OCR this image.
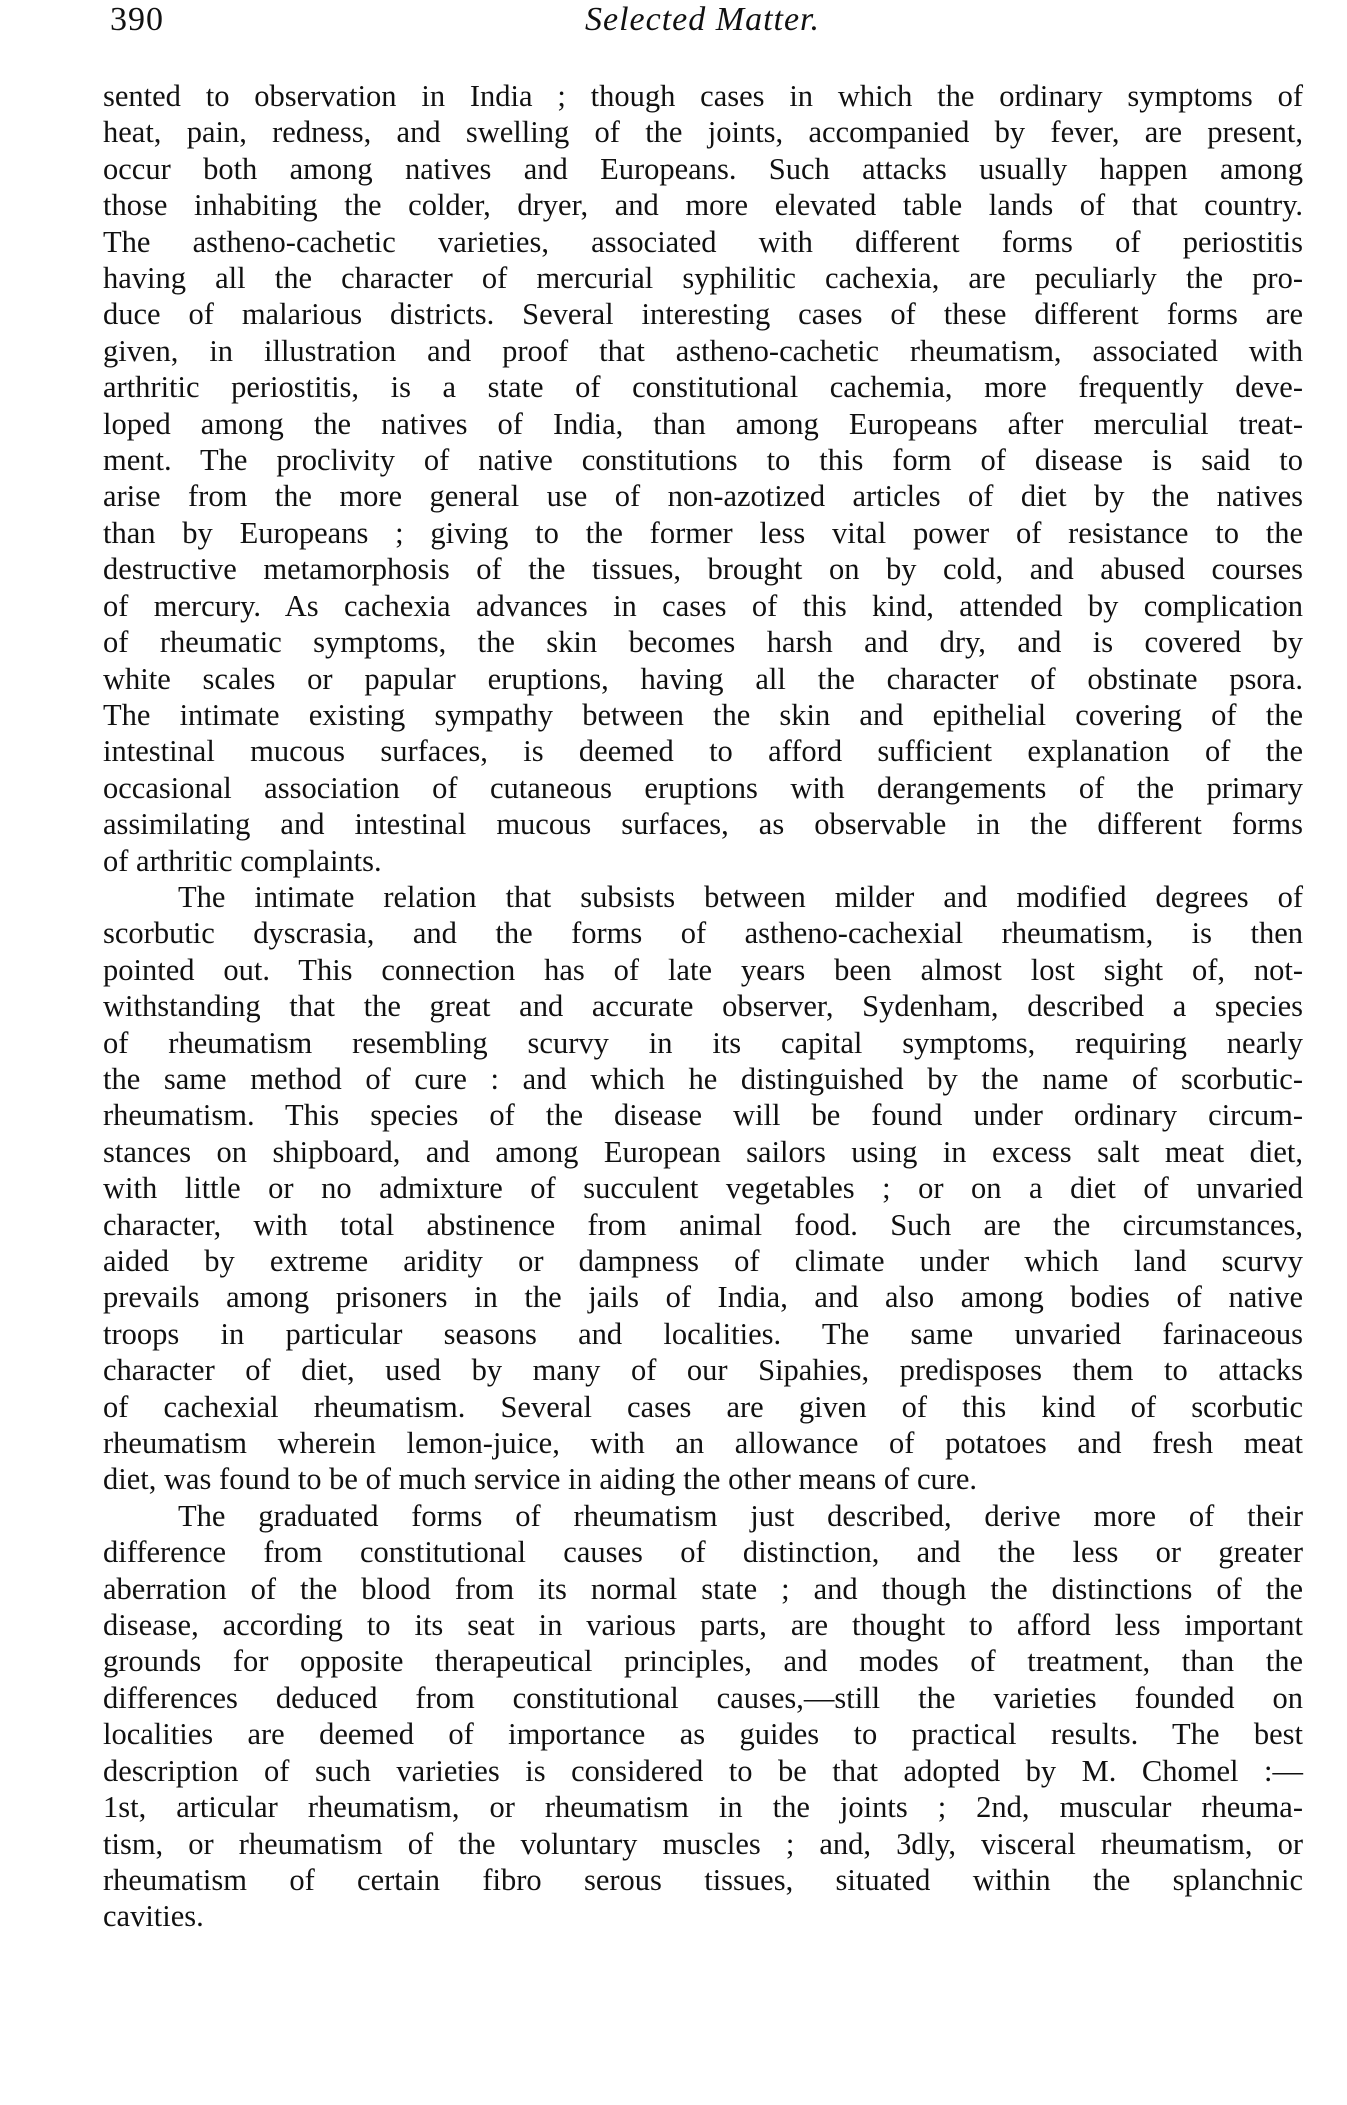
390	Selected Matter.
sented to observation in India ; though cases in which the ordinary symptoms of
heat, pain, redness, and swelling of the joints, accompanied by fever, are present,
occur both among natives and Europeans. Such attacks usually happen among
those inhabiting the colder, dryer, and more elevated table lands of that country.
The astheno-cachetic varieties, associated with different forms of periostitis
having all the character of mercurial syphilitic cachexia, are peculiarly the pro-
duce of malarious districts. Several interesting cases of these different forms are
given, in illustration and proof that astheno-cachetic rheumatism, associated with
arthritic periostitis, is a state of constitutional cachemia, more frequently deve-
loped among the natives of India, than among Europeans after merculial treat-
ment. The proclivity of native constitutions to this form of disease is said to
arise from the more general use of non-azotized articles of diet by the natives
than by Europeans ; giving to the former less vital power of resistance to the
destructive metamorphosis of the tissues, brought on by cold, and abused courses
of mercury. As cachexia advances in cases of this kind, attended by complication
of rheumatic symptoms, the skin becomes harsh and dry, and is covered by
white scales or papular eruptions, having all the character of obstinate psora.
The intimate existing sympathy between the skin and epithelial covering of the
intestinal mucous surfaces, is deemed to afford sufficient explanation of the
occasional association of cutaneous eruptions with derangements of the primary
assimilating and intestinal mucous surfaces, as observable in the different forms
of arthritic complaints.
The intimate relation that subsists between milder and modified degrees of
scorbutic dyscrasia, and the forms of astheno-cachexial rheumatism, is then
pointed out. This connection has of late years been almost lost sight of, not-
withstanding that the great and accurate observer, Sydenham, described a species
of rheumatism resembling scurvy in its capital symptoms, requiring nearly
the same method of cure : and which he distinguished by the name of scorbutic-
rheumatism. This species of the disease will be found under ordinary circum-
stances on shipboard, and among European sailors using in excess salt meat diet,
with little or no admixture of succulent vegetables ; or on a diet of unvaried
character, with total abstinence from animal food. Such are the circumstances,
aided by extreme aridity or dampness of climate under which land scurvy
prevails among prisoners in the jails of India, and also among bodies of native
troops in particular seasons and localities. The same unvaried farinaceous
character of diet, used by many of our Sipahies, predisposes them to attacks
of cachexial rheumatism. Several cases are given of this kind of scorbutic
rheumatism wherein lemon-juice, with an allowance of potatoes and fresh meat
diet, was found to be of much service in aiding the other means of cure.
The graduated forms of rheumatism just described, derive more of their
difference from constitutional causes of distinction, and the less or greater
aberration of the blood from its normal state ; and though the distinctions of the
disease, according to its seat in various parts, are thought to afford less important
grounds for opposite therapeutical principles, and modes of treatment, than the
differences deduced from constitutional causes,—still the varieties founded on
localities are deemed of importance as guides to practical results. The best
description of such varieties is considered to be that adopted by M. Chomel :—
1st, articular rheumatism, or rheumatism in the joints ; 2nd, muscular rheuma-
tism, or rheumatism of the voluntary muscles ; and, 3dly, visceral rheumatism, or
rheumatism of certain fibro serous tissues, situated within the splanchnic
cavities.
